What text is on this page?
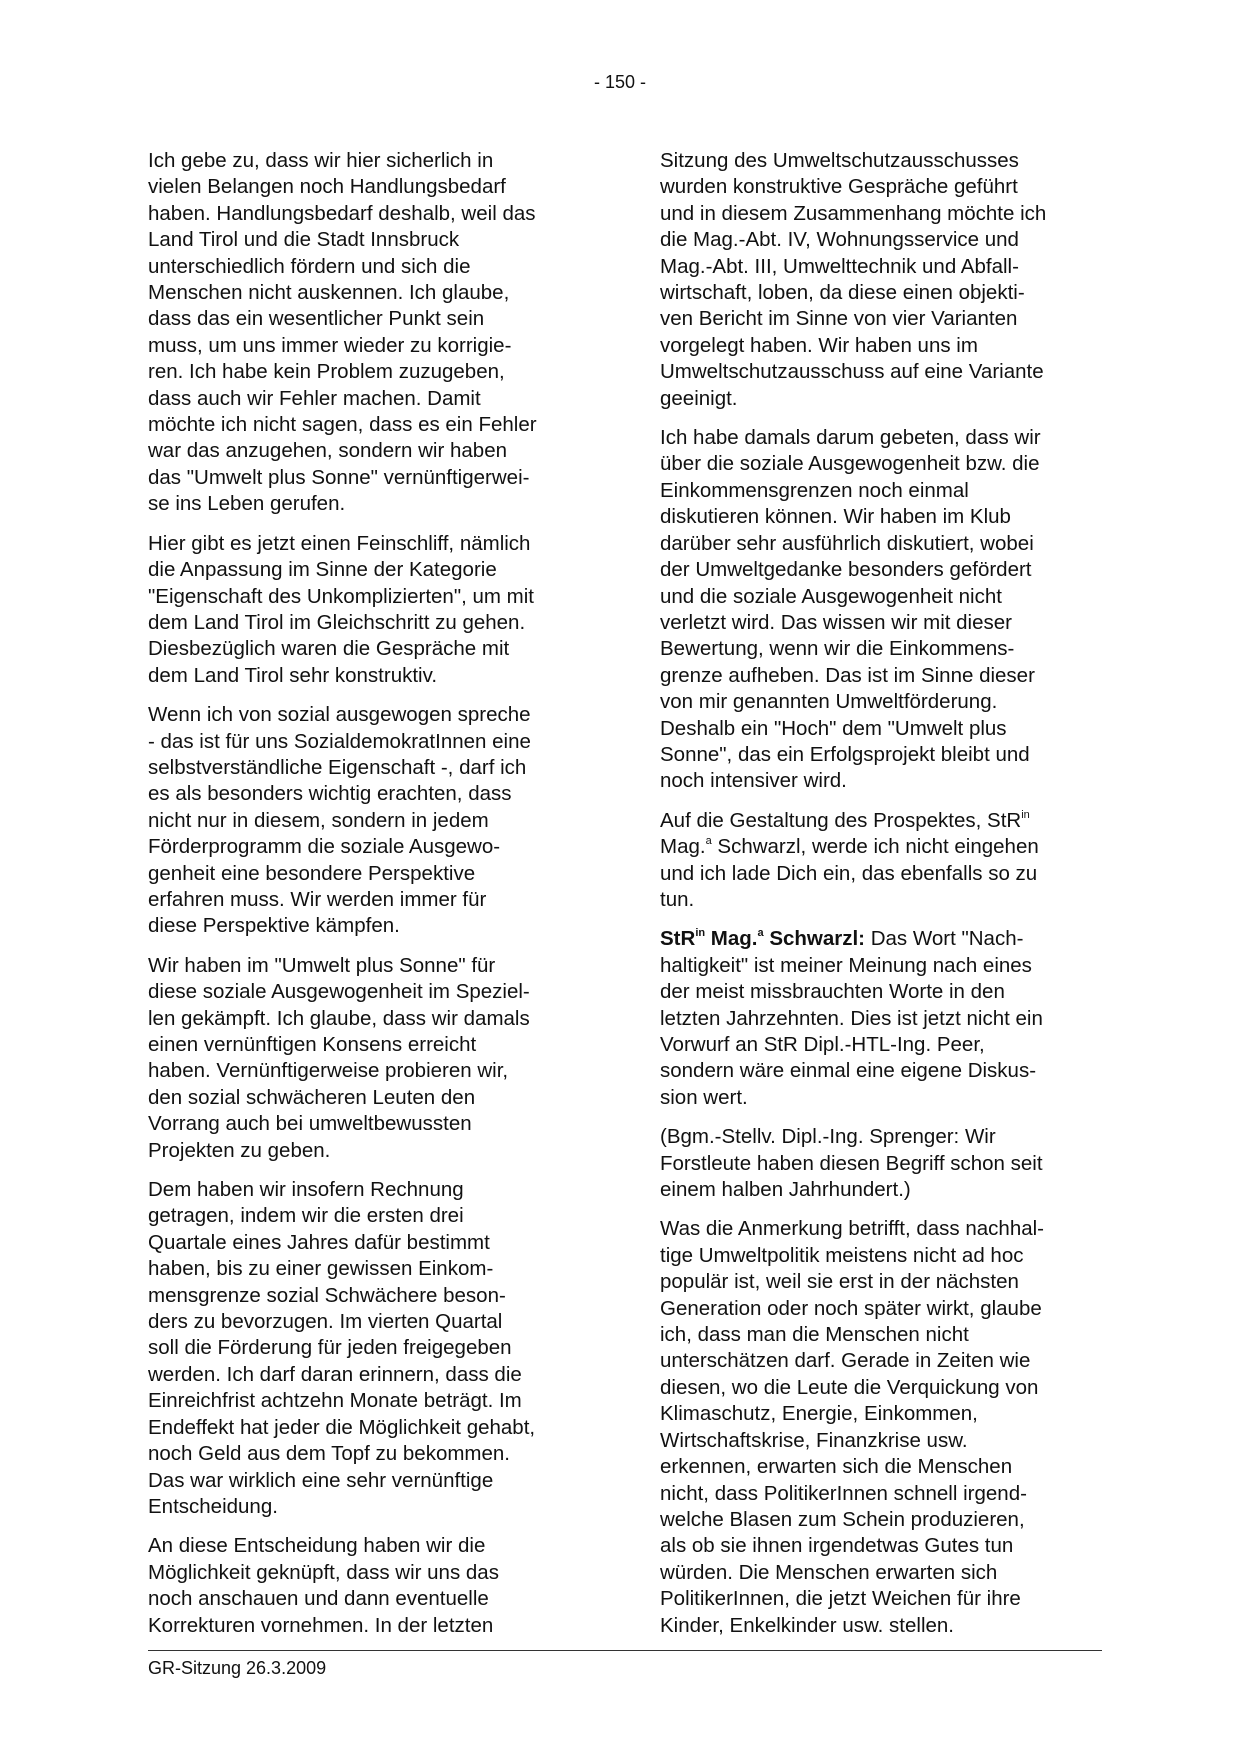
- 150 -

Ich gebe zu, dass wir hier sicherlich in
vielen Belangen noch Handlungsbedarf
haben. Handlungsbedarf deshalb, weil das
Land Tirol und die Stadt Innsbruck
unterschiedlich fördern und sich die
Menschen nicht auskennen. Ich glaube,
dass das ein wesentlicher Punkt sein
muss, um uns immer wieder zu korrigie-
ren. Ich habe kein Problem zuzugeben,
dass auch wir Fehler machen. Damit
möchte ich nicht sagen, dass es ein Fehler
war das anzugehen, sondern wir haben
das "Umwelt plus Sonne" vernünftigerwei-
se ins Leben gerufen.

Hier gibt es jetzt einen Feinschliff, nämlich
die Anpassung im Sinne der Kategorie
"Eigenschaft des Unkomplizierten", um mit
dem Land Tirol im Gleichschritt zu gehen.
Diesbezüglich waren die Gespräche mit
dem Land Tirol sehr konstruktiv.

Wenn ich von sozial ausgewogen spreche
- das ist für uns SozialdemokratInnen eine
selbstverständliche Eigenschaft -, darf ich
es als besonders wichtig erachten, dass
nicht nur in diesem, sondern in jedem
Förderprogramm die soziale Ausgewo-
genheit eine besondere Perspektive
erfahren muss. Wir werden immer für
diese Perspektive kämpfen.

Wir haben im "Umwelt plus Sonne" für
diese soziale Ausgewogenheit im Speziel-
len gekämpft. Ich glaube, dass wir damals
einen vernünftigen Konsens erreicht
haben. Vernünftigerweise probieren wir,
den sozial schwächeren Leuten den
Vorrang auch bei umweltbewussten
Projekten zu geben.

Dem haben wir insofern Rechnung
getragen, indem wir die ersten drei
Quartale eines Jahres dafür bestimmt
haben, bis zu einer gewissen Einkom-
mensgrenze sozial Schwächere beson-
ders zu bevorzugen. Im vierten Quartal
soll die Förderung für jeden freigegeben
werden. Ich darf daran erinnern, dass die
Einreichfrist achtzehn Monate beträgt. Im
Endeffekt hat jeder die Möglichkeit gehabt,
noch Geld aus dem Topf zu bekommen.
Das war wirklich eine sehr vernünftige
Entscheidung.

An diese Entscheidung haben wir die
Möglichkeit geknüpft, dass wir uns das
noch anschauen und dann eventuelle
Korrekturen vornehmen. In der letzten

Sitzung des Umweltschutzausschusses
wurden konstruktive Gespräche geführt
und in diesem Zusammenhang möchte ich
die Mag.-Abt. IV, Wohnungsservice und
Mag.-Abt. III, Umwelttechnik und Abfall-
wirtschaft, loben, da diese einen objekti-
ven Bericht im Sinne von vier Varianten
vorgelegt haben. Wir haben uns im
Umweltschutzausschuss auf eine Variante
geeinigt.

Ich habe damals darum gebeten, dass wir
über die soziale Ausgewogenheit bzw. die
Einkommensgrenzen noch einmal
diskutieren können. Wir haben im Klub
darüber sehr ausführlich diskutiert, wobei
der Umweltgedanke besonders gefördert
und die soziale Ausgewogenheit nicht
verletzt wird. Das wissen wir mit dieser
Bewertung, wenn wir die Einkommens-
grenze aufheben. Das ist im Sinne dieser
von mir genannten Umweltförderung.
Deshalb ein "Hoch" dem "Umwelt plus
Sonne", das ein Erfolgsprojekt bleibt und
noch intensiver wird.

Auf die Gestaltung des Prospektes, StR$^{in}$
Mag.$^a$ Schwarzl, werde ich nicht eingehen
und ich lade Dich ein, das ebenfalls so zu
tun.

StR$^{in}$ Mag.$^a$ Schwarzl: Das Wort "Nach-
haltigkeit" ist meiner Meinung nach eines
der meist missbrauchten Worte in den
letzten Jahrzehnten. Dies ist jetzt nicht ein
Vorwurf an StR Dipl.-HTL-Ing. Peer,
sondern wäre einmal eine eigene Diskus-
sion wert.

(Bgm.-Stellv. Dipl.-Ing. Sprenger: Wir
Forstleute haben diesen Begriff schon seit
einem halben Jahrhundert.)

Was die Anmerkung betrifft, dass nachhal-
tige Umweltpolitik meistens nicht ad hoc
populär ist, weil sie erst in der nächsten
Generation oder noch später wirkt, glaube
ich, dass man die Menschen nicht
unterschätzen darf. Gerade in Zeiten wie
diesen, wo die Leute die Verquickung von
Klimaschutz, Energie, Einkommen,
Wirtschaftskrise, Finanzkrise usw.
erkennen, erwarten sich die Menschen
nicht, dass PolitikerInnen schnell irgend-
welche Blasen zum Schein produzieren,
als ob sie ihnen irgendetwas Gutes tun
würden. Die Menschen erwarten sich
PolitikerInnen, die jetzt Weichen für ihre
Kinder, Enkelkinder usw. stellen.

GR-Sitzung 26.3.2009
